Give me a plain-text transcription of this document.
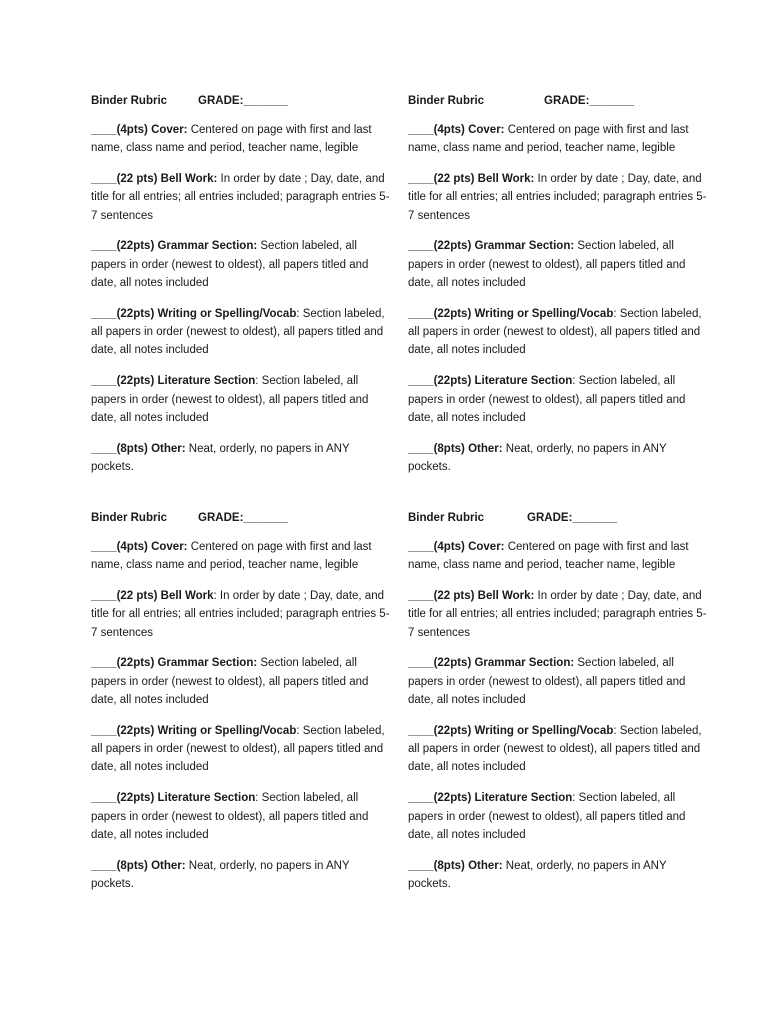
Binder Rubric	GRADE:_______
____(4pts) Cover: Centered on page with first and last name, class name and period, teacher name, legible
____(22 pts) Bell Work: In order by date ; Day, date, and title for all entries; all entries included; paragraph entries 5-7 sentences
____(22pts) Grammar Section: Section labeled, all papers in order (newest to oldest), all papers titled and date, all notes included
____(22pts) Writing or Spelling/Vocab: Section labeled, all papers in order (newest to oldest), all papers titled and date, all notes included
____(22pts) Literature Section: Section labeled, all papers in order (newest to oldest), all papers titled and date, all notes included
____(8pts) Other: Neat, orderly, no papers in ANY pockets.
Binder Rubric	GRADE:_______
____(4pts) Cover: Centered on page with first and last name, class name and period, teacher name, legible
____(22 pts) Bell Work: In order by date ; Day, date, and title for all entries; all entries included; paragraph entries 5-7 sentences
____(22pts) Grammar Section: Section labeled, all papers in order (newest to oldest), all papers titled and date, all notes included
____(22pts) Writing or Spelling/Vocab: Section labeled, all papers in order (newest to oldest), all papers titled and date, all notes included
____(22pts) Literature Section: Section labeled, all papers in order (newest to oldest), all papers titled and date, all notes included
____(8pts) Other: Neat, orderly, no papers in ANY pockets.
Binder Rubric	GRADE:_______
____(4pts) Cover: Centered on page with first and last name, class name and period, teacher name, legible
____(22 pts) Bell Work: In order by date ; Day, date, and title for all entries; all entries included; paragraph entries 5-7 sentences
____(22pts) Grammar Section: Section labeled, all papers in order (newest to oldest), all papers titled and date, all notes included
____(22pts) Writing or Spelling/Vocab: Section labeled, all papers in order (newest to oldest), all papers titled and date, all notes included
____(22pts) Literature Section: Section labeled, all papers in order (newest to oldest), all papers titled and date, all notes included
____(8pts) Other: Neat, orderly, no papers in ANY pockets.
Binder Rubric	GRADE:_______
____(4pts) Cover: Centered on page with first and last name, class name and period, teacher name, legible
____(22 pts) Bell Work: In order by date ; Day, date, and title for all entries; all entries included; paragraph entries 5-7 sentences
____(22pts) Grammar Section: Section labeled, all papers in order (newest to oldest), all papers titled and date, all notes included
____(22pts) Writing or Spelling/Vocab: Section labeled, all papers in order (newest to oldest), all papers titled and date, all notes included
____(22pts) Literature Section: Section labeled, all papers in order (newest to oldest), all papers titled and date, all notes included
____(8pts) Other: Neat, orderly, no papers in ANY pockets.
